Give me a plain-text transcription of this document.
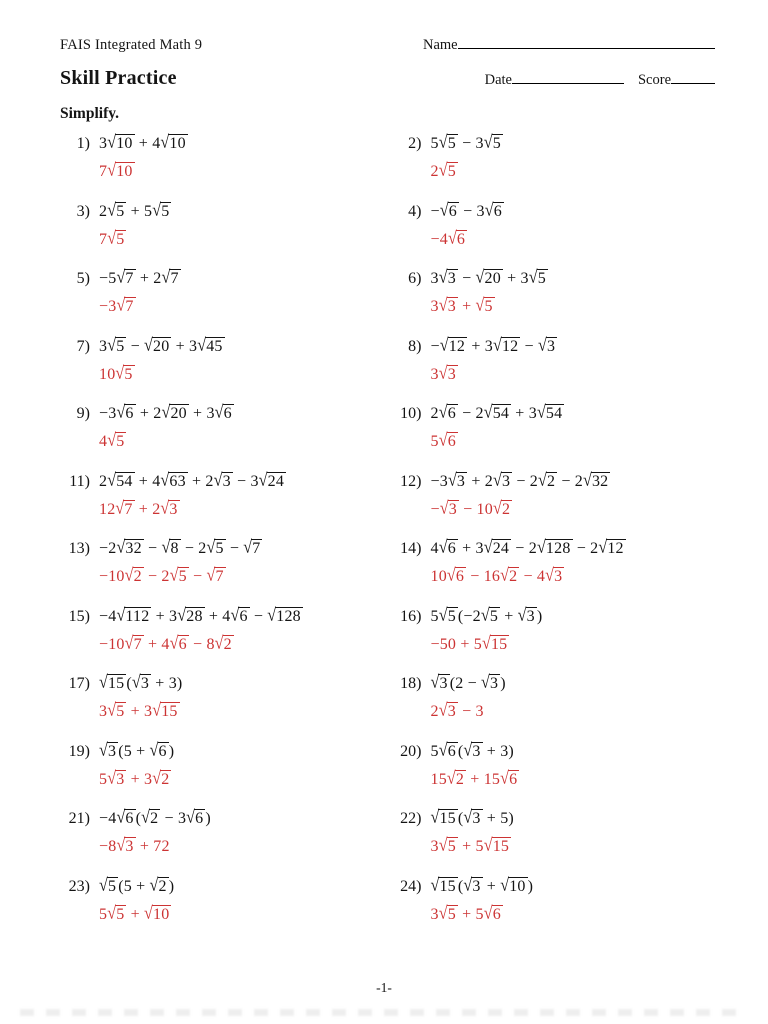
FAIS Integrated Math 9	Name
Skill Practice	Date	Score
Simplify.
1) 3√10 + 4√10
7√10
2) 5√5 − 3√5
2√5
3) 2√5 + 5√5
7√5
4) −√6 − 3√6
−4√6
5) −5√7 + 2√7
−3√7
6) 3√3 − √20 + 3√5
3√3 + √5
7) 3√5 − √20 + 3√45
10√5
8) −√12 + 3√12 − √3
3√3
9) −3√6 + 2√20 + 3√6
4√5
10) 2√6 − 2√54 + 3√54
5√6
11) 2√54 + 4√63 + 2√3 − 3√24
12√7 + 2√3
12) −3√3 + 2√3 − 2√2 − 2√32
−√3 − 10√2
13) −2√32 − √8 − 2√5 − √7
−10√2 − 2√5 − √7
14) 4√6 + 3√24 − 2√128 − 2√12
10√6 − 16√2 − 4√3
15) −4√112 + 3√28 + 4√6 − √128
−10√7 + 4√6 − 8√2
16) 5√5 (−2√5 + √3 )
−50 + 5√15
17) √15 (√3 + 3)
3√5 + 3√15
18) √3 (2 − √3 )
2√3 − 3
19) √3 (5 + √6 )
5√3 + 3√2
20) 5√6 (√3 + 3)
15√2 + 15√6
21) −4√6 (√2 − 3√6 )
−8√3 + 72
22) √15 (√3 + 5)
3√5 + 5√15
23) √5 (5 + √2 )
5√5 + √10
24) √15 (√3 + √10 )
3√5 + 5√6
-1-
